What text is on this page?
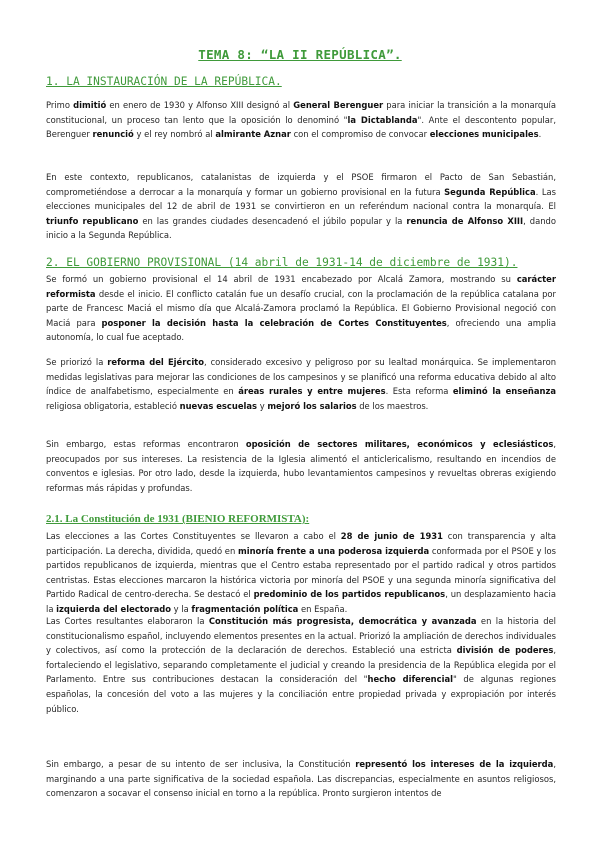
TEMA 8: “LA II REPÚBLICA”.
1. LA INSTAURACIÓN DE LA REPÚBLICA.

Primo dimitió en enero de 1930 y Alfonso XIII designó al General Berenguer para iniciar la transición a la monarquía constitucional, un proceso tan lento que la oposición lo denominó "la Dictablanda". Ante el descontento popular, Berenguer renunció y el rey nombró al almirante Aznar con el compromiso de convocar elecciones municipales.

En este contexto, republicanos, catalanistas de izquierda y el PSOE firmaron el Pacto de San Sebastián, comprometiéndose a derrocar a la monarquía y formar un gobierno provisional en la futura Segunda República. Las elecciones municipales del 12 de abril de 1931 se convirtieron en un referéndum nacional contra la monarquía. El triunfo republicano en las grandes ciudades desencadenó el júbilo popular y la renuncia de Alfonso XIII, dando inicio a la Segunda República.

2. EL GOBIERNO PROVISIONAL (14 abril de 1931-14 de diciembre de 1931).

Se formó un gobierno provisional el 14 abril de 1931 encabezado por Alcalá Zamora, mostrando su carácter reformista desde el inicio. El conflicto catalán fue un desafío crucial, con la proclamación de la república catalana por parte de Francesc Maciá el mismo día que Alcalá-Zamora proclamó la República. El Gobierno Provisional negoció con Maciá para posponer la decisión hasta la celebración de Cortes Constituyentes, ofreciendo una amplia autonomía, lo cual fue aceptado.

Se priorizó la reforma del Ejército, considerado excesivo y peligroso por su lealtad monárquica. Se implementaron medidas legislativas para mejorar las condiciones de los campesinos y se planificó una reforma educativa debido al alto índice de analfabetismo, especialmente en áreas rurales y entre mujeres. Esta reforma eliminó la enseñanza religiosa obligatoria, estableció nuevas escuelas y mejoró los salarios de los maestros.

Sin embargo, estas reformas encontraron oposición de sectores militares, económicos y eclesiásticos, preocupados por sus intereses. La resistencia de la Iglesia alimentó el anticlericalismo, resultando en incendios de conventos e iglesias. Por otro lado, desde la izquierda, hubo levantamientos campesinos y revueltas obreras exigiendo reformas más rápidas y profundas.

2.1. La Constitución de 1931 (BIENIO REFORMISTA):

Las elecciones a las Cortes Constituyentes se llevaron a cabo el 28 de junio de 1931 con transparencia y alta participación. La derecha, dividida, quedó en minoría frente a una poderosa izquierda conformada por el PSOE y los partidos republicanos de izquierda, mientras que el Centro estaba representado por el partido radical y otros partidos centristas. Estas elecciones marcaron la histórica victoria por minoría del PSOE y una segunda minoría significativa del Partido Radical de centro-derecha. Se destacó el predominio de los partidos republicanos, un desplazamiento hacia la izquierda del electorado y la fragmentación política en España.

Las Cortes resultantes elaboraron la Constitución más progresista, democrática y avanzada en la historia del constitucionalismo español, incluyendo elementos presentes en la actual. Priorizó la ampliación de derechos individuales y colectivos, así como la protección de la declaración de derechos. Estableció una estricta división de poderes, fortaleciendo el legislativo, separando completamente el judicial y creando la presidencia de la República elegida por el Parlamento. Entre sus contribuciones destacan la consideración del "hecho diferencial" de algunas regiones españolas, la concesión del voto a las mujeres y la conciliación entre propiedad privada y expropiación por interés público.

Sin embargo, a pesar de su intento de ser inclusiva, la Constitución representó los intereses de la izquierda, marginando a una parte significativa de la sociedad española. Las discrepancias, especialmente en asuntos religiosos, comenzaron a socavar el consenso inicial en torno a la república. Pronto surgieron intentos de
